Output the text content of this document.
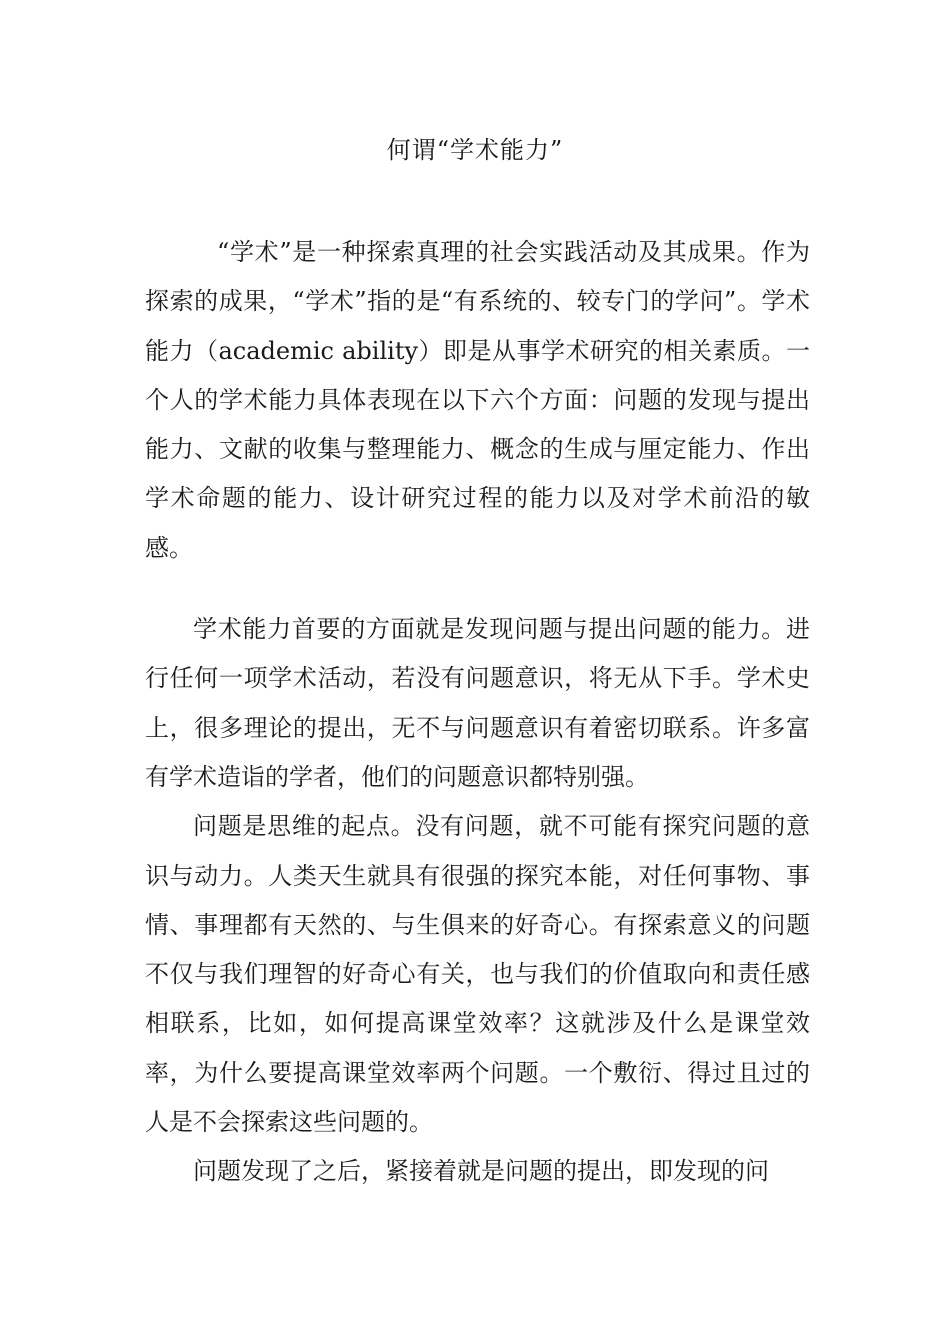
何谓“学术能力”

“学术”是一种探索真理的社会实践活动及其成果。作为探索的成果，“学术”指的是“有系统的、较专门的学问”。学术能力（academic ability）即是从事学术研究的相关素质。一个人的学术能力具体表现在以下六个方面：问题的发现与提出能力、文献的收集与整理能力、概念的生成与厘定能力、作出学术命题的能力、设计研究过程的能力以及对学术前沿的敏感。

学术能力首要的方面就是发现问题与提出问题的能力。进行任何一项学术活动，若没有问题意识，将无从下手。学术史上，很多理论的提出，无不与问题意识有着密切联系。许多富有学术造诣的学者，他们的问题意识都特别强。

问题是思维的起点。没有问题，就不可能有探究问题的意识与动力。人类天生就具有很强的探究本能，对任何事物、事情、事理都有天然的、与生俱来的好奇心。有探索意义的问题不仅与我们理智的好奇心有关，也与我们的价值取向和责任感相联系，比如，如何提高课堂效率？这就涉及什么是课堂效率，为什么要提高课堂效率两个问题。一个敷衍、得过且过的人是不会探索这些问题的。

问题发现了之后，紧接着就是问题的提出，即发现的问
